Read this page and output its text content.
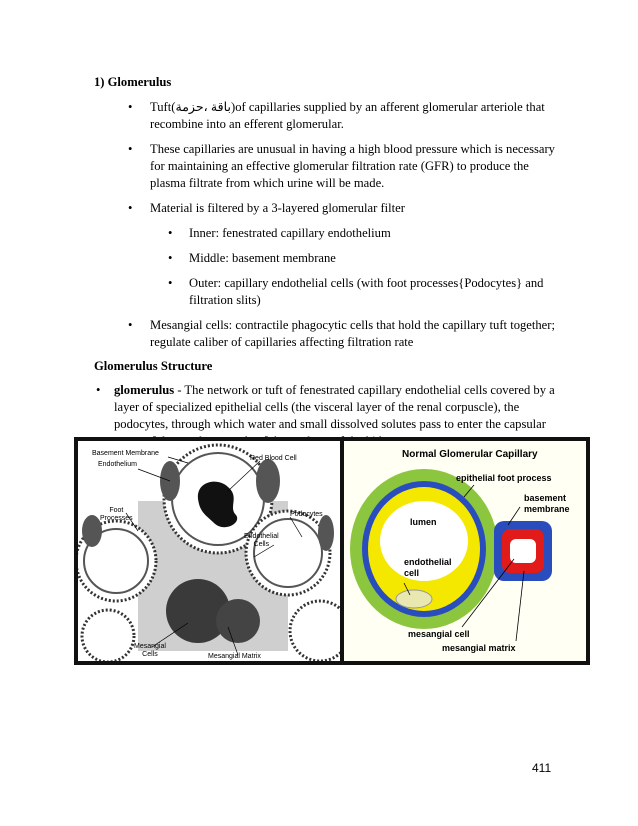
1) Glomerulus
• Tuft(باقة ،حزمة)of capillaries supplied by an afferent glomerular arteriole that
recombine into an efferent glomerular.
• These capillaries are unusual in having a high blood pressure which is necessary
for maintaining an effective glomerular filtration rate (GFR) to produce the
plasma filtrate from which urine will be made.
• Material is filtered by a 3-layered glomerular filter
• Inner: fenestrated capillary endothelium
• Middle: basement membrane
• Outer: capillary endothelial cells (with foot processes{Podocytes} and
filtration slits)
• Mesangial cells: contractile phagocytic cells that hold the capillary tuft together;
regulate caliber of capillaries affecting filtration rate
Glomerulus Structure
• glomerulus - The network or tuft of fenestrated capillary endothelial cells covered by a
layer of specialized epithelial cells (the visceral layer of the renal corpuscle), the
podocytes, through which water and small dissolved solutes pass to enter the capsular
Basement Membrane
Endothelium
Red Blood Cell
Foot
Processes
Podocytes
Endothelial
Cells
Mesangial
Cells	Mesangial Matrix
Normal Glomerular Capillary
epithelial foot process
basement
membrane
lumen
endothelial
cell
mesangial cell
mesangial matrix
411
